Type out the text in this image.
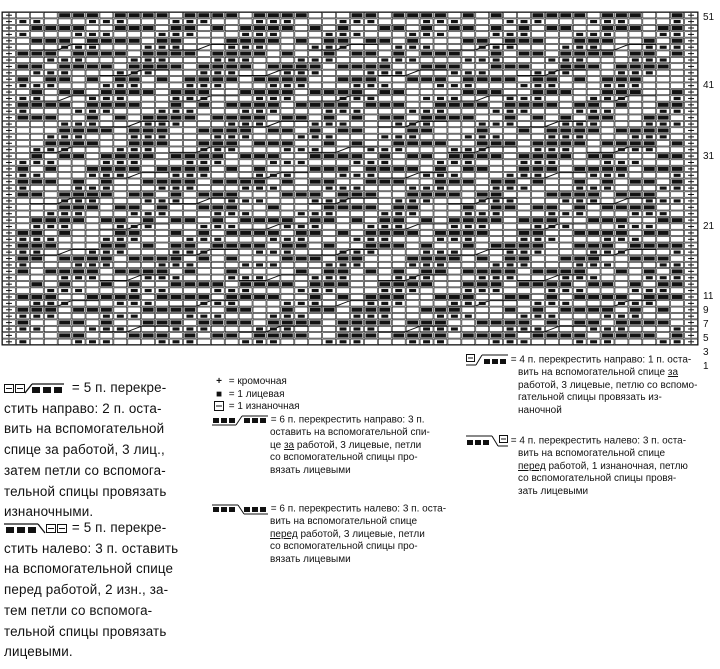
51
41
31
21
11
9
7
5
3
1
= 5 п. перекре-
стить направо: 2 п. оста-
вить на вспомогательной
спице за работой, 3 лиц.,
затем петли со вспомога-
тельной спицы провязать
изнаночными.
= 5 п. перекре-
стить налево: 3 п. оставить
на вспомогательной спице
перед работой, 2 изн., за-
тем петли со вспомога-
тельной спицы провязать
лицевыми.
+ = кромочная
■ = 1 лицевая
= 1 изнаночная
= 6 п. перекрестить направо: 3 п.
оставить на вспомогательной спи-
це за работой, 3 лицевые, петли
со вспомогательной спицы про-
вязать лицевыми
= 6 п. перекрестить налево: 3 п. оста-
вить на вспомогательной спице
перед работой, 3 лицевые, петли
со вспомогательной спицы про-
вязать лицевыми
= 4 п. перекрестить направо: 1 п. оста-
вить на вспомогательной спице за
работой, 3 лицевые, петлю со вспомо-
гательной спицы провязать из-
наночной
= 4 п. перекрестить налево: 3 п. оста-
вить на вспомогательной спице
перед работой, 1 изнаночная, петлю
со вспомогательной спицы провя-
зать лицевыми
